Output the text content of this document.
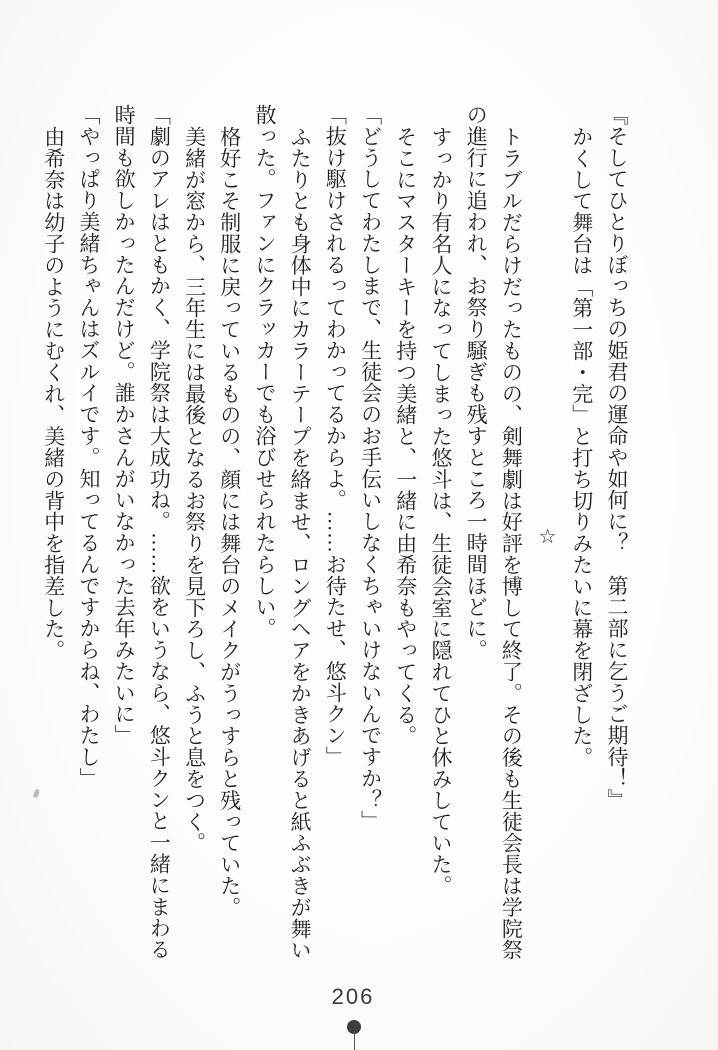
『そしてひとりぼっちの姫君の運命や如何に？　第二部に乞うご期待！』

かくして舞台は「第一部・完」と打ち切りみたいに幕を閉ざした。

☆

トラブルだらけだったものの、剣舞劇は好評を博して終了。その後も生徒会長は学院祭

の進行に追われ、お祭り騒ぎも残すところ一時間ほどに。

すっかり有名人になってしまった悠斗は、生徒会室に隠れてひと休みしていた。

そこにマスターキーを持つ美緒と、一緒に由希奈もやってくる。

「どうしてわたしまで、生徒会のお手伝いしなくちゃいけないんですか？」

「抜け駆けされるってわかってるからよ。……お待たせ、悠斗クン」

ふたりとも身体中にカラーテープを絡ませ、ロングヘアをかきあげると紙ふぶきが舞い

散った。ファンにクラッカーでも浴びせられたらしい。

格好こそ制服に戻っているものの、顔には舞台のメイクがうっすらと残っていた。

美緒が窓から、三年生には最後となるお祭りを見下ろし、ふうと息をつく。

「劇のアレはともかく、学院祭は大成功ね。……欲をいうなら、悠斗クンと一緒にまわる

時間も欲しかったんだけど。誰かさんがいなかった去年みたいに」

「やっぱり美緒ちゃんはズルイです。知ってるんですからね、わたし」

由希奈は幼子のようにむくれ、美緒の背中を指差した。

206
